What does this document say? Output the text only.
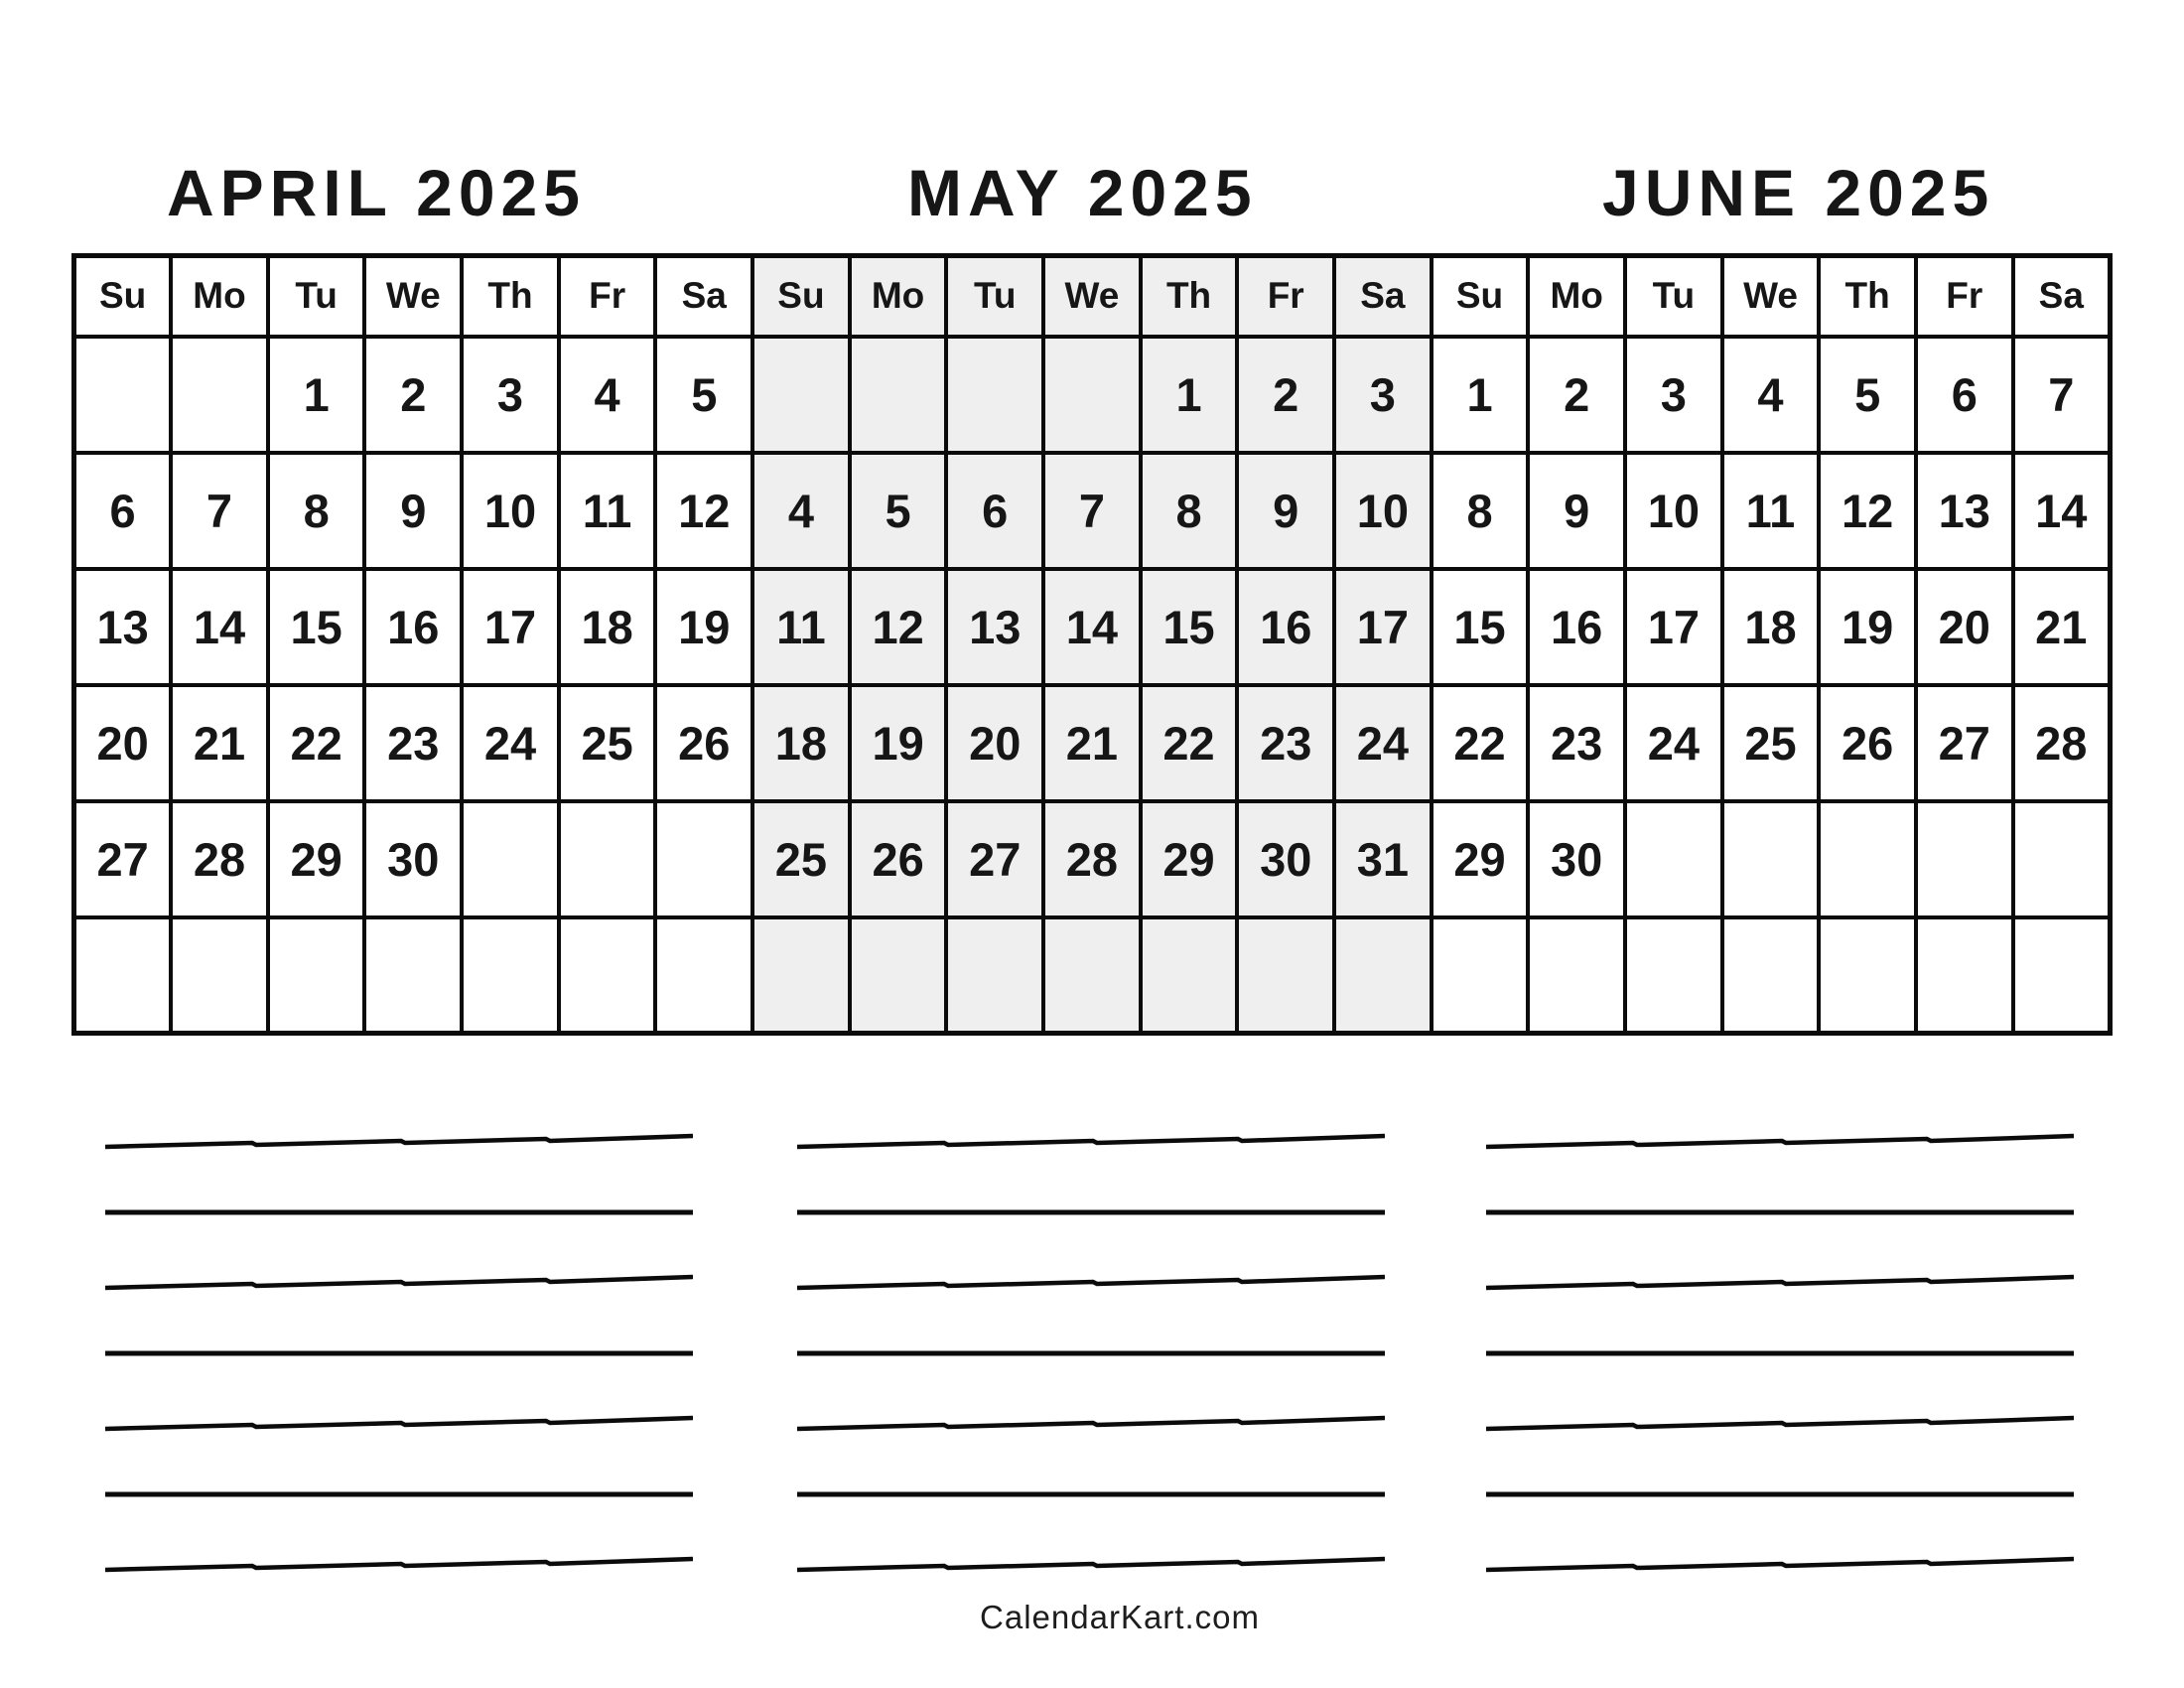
APRIL 2025	MAY 2025	JUNE 2025
Su	Mo	Tu	We	Th	Fr	Sa	Su	Mo	Tu	We	Th	Fr	Sa	Su	Mo	Tu	We	Th	Fr	Sa
		1	2	3	4	5					1	2	3	1	2	3	4	5	6	7
6	7	8	9	10	11	12	4	5	6	7	8	9	10	8	9	10	11	12	13	14
13	14	15	16	17	18	19	11	12	13	14	15	16	17	15	16	17	18	19	20	21
20	21	22	23	24	25	26	18	19	20	21	22	23	24	22	23	24	25	26	27	28
27	28	29	30				25	26	27	28	29	30	31	29	30					

CalendarKart.com
